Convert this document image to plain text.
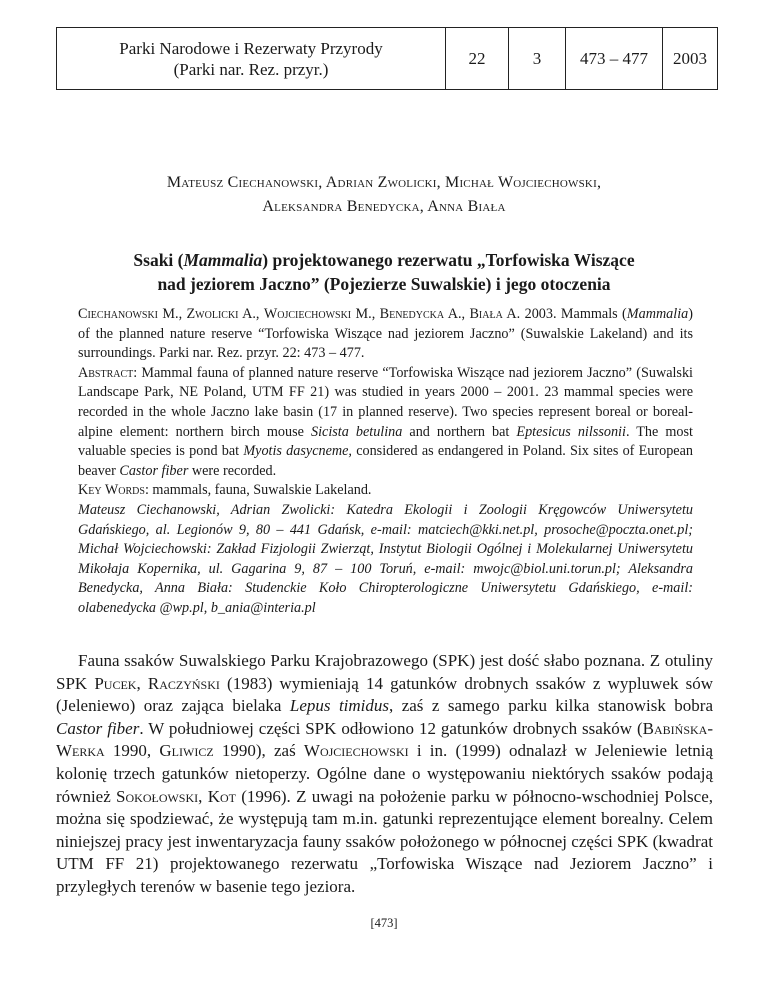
Parki Narodowe i Rezerwaty Przyrody
(Parki nar. Rez. przyr.)
	22	3	473 – 477	2003
Mateusz Ciechanowski, Adrian Zwolicki, Michał Wojciechowski,
Aleksandra Benedycka, Anna Biała
Ssaki (Mammalia) projektowanego rezerwatu „Torfowiska Wiszące
nad jeziorem Jaczno” (Pojezierze Suwalskie) i jego otoczenia

Ciechanowski M., Zwolicki A., Wojciechowski M., Benedycka A., Biała A. 2003. Mammals (Mammalia) of the planned nature reserve “Torfowiska Wiszące nad jeziorem Jaczno” (Suwalskie Lakeland) and its surroundings. Parki nar. Rez. przyr. 22: 473 – 477.

Abstract: Mammal fauna of planned nature reserve “Torfowiska Wiszące nad jeziorem Jaczno” (Suwalski Landscape Park, NE Poland, UTM FF 21) was studied in years 2000 – 2001. 23 mammal species were recorded in the whole Jaczno lake basin (17 in planned reserve). Two species represent boreal or boreal-alpine element: northern birch mouse Sicista betulina and northern bat Eptesicus nilssonii. The most valuable species is pond bat Myotis dasycneme, considered as endangered in Poland. Six sites of European beaver Castor fiber were recorded.

Key Words: mammals, fauna, Suwalskie Lakeland.

Mateusz Ciechanowski, Adrian Zwolicki: Katedra Ekologii i Zoologii Kręgowców Uniwersytetu Gdańskiego, al. Legionów 9, 80 – 441 Gdańsk, e-mail: matciech@kki.net.pl, prosoche@poczta.onet.pl; Michał Wojciechowski: Zakład Fizjologii Zwierząt, Instytut Biologii Ogólnej i Molekularnej Uniwersytetu Mikołaja Kopernika, ul. Gagarina 9, 87 – 100 Toruń, e-mail: mwojc@biol.uni.torun.pl; Aleksandra Benedycka, Anna Biała: Studenckie Koło Chiropterologiczne Uniwersytetu Gdańskiego, e-mail: olabenedycka @wp.pl, b_ania@interia.pl

Fauna ssaków Suwalskiego Parku Krajobrazowego (SPK) jest dość słabo poznana. Z otuliny SPK Pucek, Raczyński (1983) wymieniają 14 gatunków drobnych ssaków z wypluwek sów (Jeleniewo) oraz zająca bielaka Lepus timidus, zaś z samego parku kilka stanowisk bobra Castor fiber. W południowej części SPK odłowiono 12 gatunków drobnych ssaków (Babińska-Werka 1990, Gliwicz 1990), zaś Wojciechowski i in. (1999) odnalazł w Jeleniewie letnią kolonię trzech gatunków nietoperzy. Ogólne dane o występowaniu niektórych ssaków podają również Sokołowski, Kot (1996). Z uwagi na położenie parku w północno-wschodniej Polsce, można się spodziewać, że występują tam m.in. gatunki reprezentujące element borealny. Celem niniejszej pracy jest inwentaryzacja fauny ssaków położonego w północnej części SPK (kwadrat UTM FF 21) projektowanego rezerwatu „Torfowiska Wiszące nad Jeziorem Jaczno” i przyległych terenów w basenie tego jeziora.

[473]
